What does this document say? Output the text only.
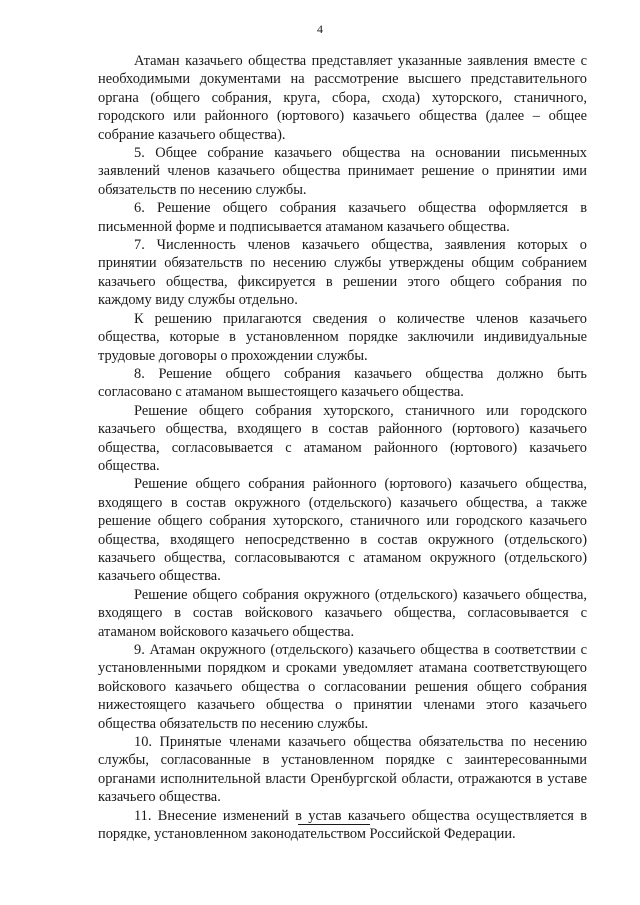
4

Атаман казачьего общества представляет указанные заявления вместе с необходимыми документами на рассмотрение высшего представительного органа (общего собрания, круга, сбора, схода) хуторского, станичного, городского или районного (юртового) казачьего общества (далее – общее собрание казачьего общества).

5. Общее собрание казачьего общества на основании письменных заявлений членов казачьего общества принимает решение о принятии ими обязательств по несению службы.

6. Решение общего собрания казачьего общества оформляется в письменной форме и подписывается атаманом казачьего общества.

7. Численность членов казачьего общества, заявления которых о принятии обязательств по несению службы утверждены общим собранием казачьего общества, фиксируется в решении этого общего собрания по каждому виду службы отдельно.

К решению прилагаются сведения о количестве членов казачьего общества, которые в установленном порядке заключили индивидуальные трудовые договоры о прохождении службы.

8. Решение общего собрания казачьего общества должно быть согласовано с атаманом вышестоящего казачьего общества.

Решение общего собрания хуторского, станичного или городского казачьего общества, входящего в состав районного (юртового) казачьего общества, согласовывается с атаманом районного (юртового) казачьего общества.

Решение общего собрания районного (юртового) казачьего общества, входящего в состав окружного (отдельского) казачьего общества, а также решение общего собрания хуторского, станичного или городского казачьего общества, входящего непосредственно в состав окружного (отдельского) казачьего общества, согласовываются с атаманом окружного (отдельского) казачьего общества.

Решение общего собрания окружного (отдельского) казачьего общества, входящего в состав войскового казачьего общества, согласовывается с атаманом войскового казачьего общества.

9. Атаман окружного (отдельского) казачьего общества в соответствии с установленными порядком и сроками уведомляет атамана соответствующего войскового казачьего общества о согласовании решения общего собрания нижестоящего казачьего общества о принятии членами этого казачьего общества обязательств по несению службы.

10. Принятые членами казачьего общества обязательства по несению службы, согласованные в установленном порядке с заинтересованными органами исполнительной власти Оренбургской области, отражаются в уставе казачьего общества.

11. Внесение изменений в устав казачьего общества осуществляется в порядке, установленном законодательством Российской Федерации.
